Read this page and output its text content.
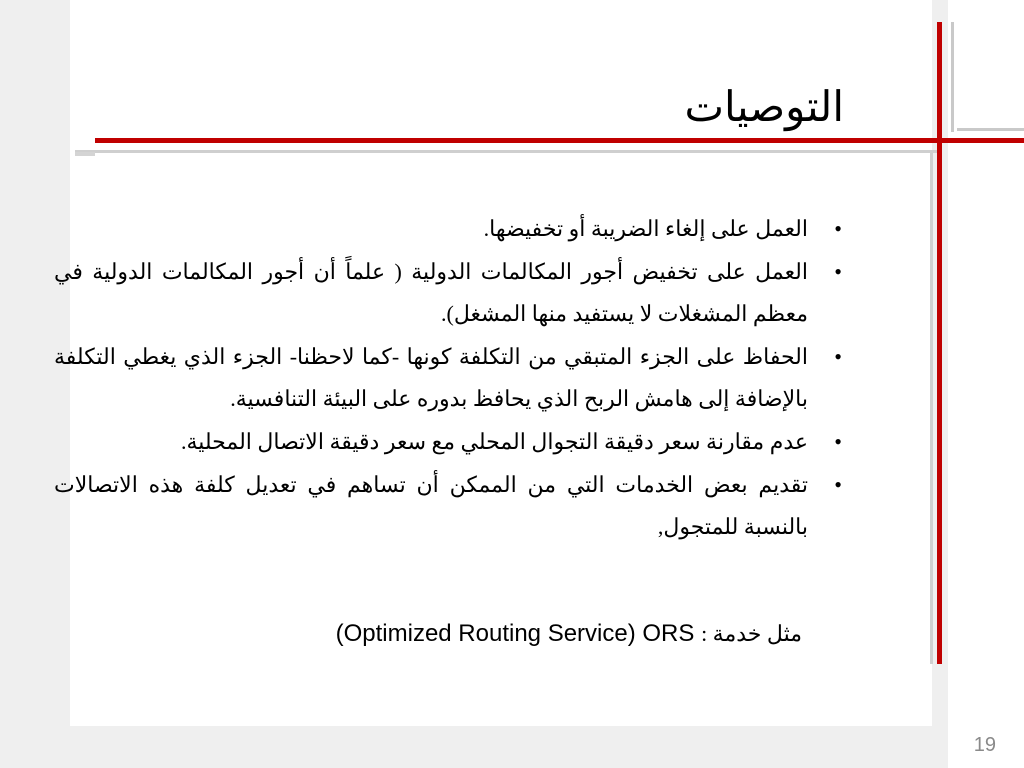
التوصيات
•
العمل على إلغاء الضريبة أو تخفيضها.
•
العمل على تخفيض أجور المكالمات الدولية ( علماً أن أجور المكالمات الدولية في معظم المشغلات لا يستفيد منها المشغل).
•
الحفاظ على الجزء المتبقي من التكلفة كونها -كما لاحظنا- الجزء الذي يغطي التكلفة بالإضافة إلى هامش الربح الذي يحافظ بدوره على البيئة التنافسية.
•
عدم مقارنة سعر دقيقة التجوال المحلي مع سعر دقيقة الاتصال المحلية.
•
تقديم بعض الخدمات التي من الممكن أن تساهم في تعديل كلفة هذه الاتصالات بالنسبة للمتجول,
مثل خدمة : (Optimized Routing Service) ORS
19
